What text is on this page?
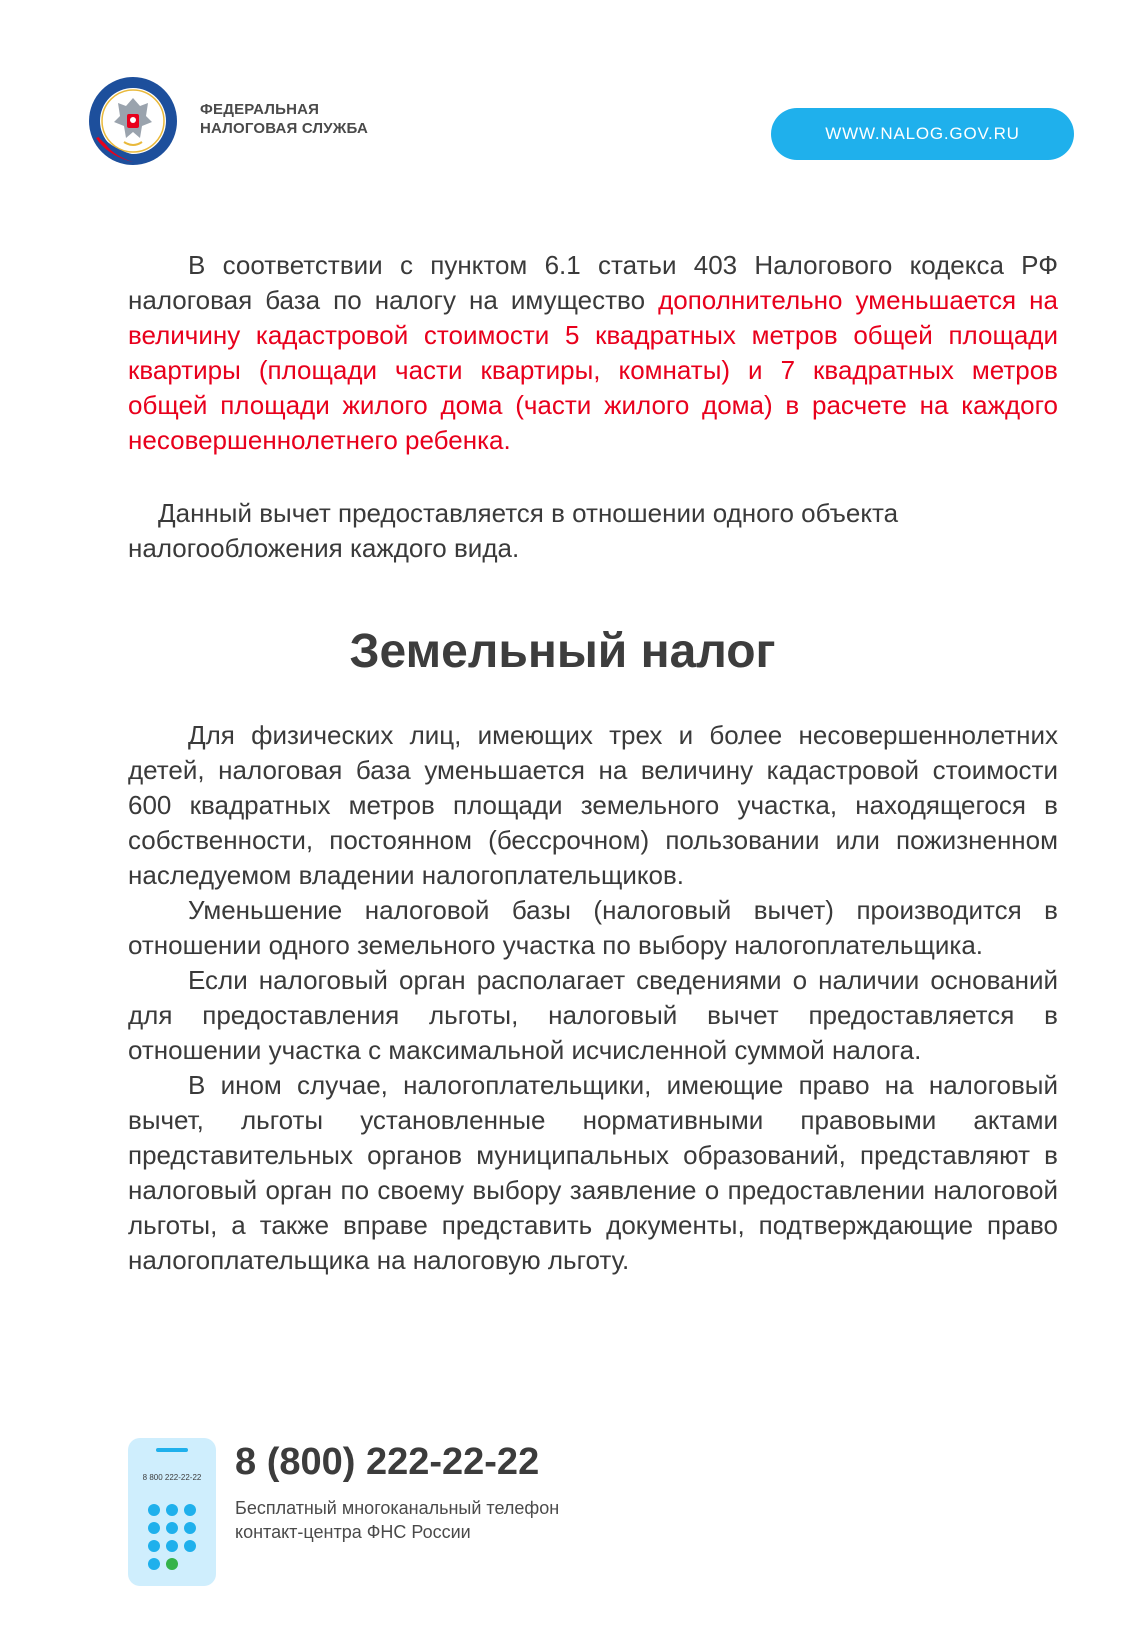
ФЕДЕРАЛЬНАЯ
НАЛОГОВАЯ СЛУЖБА	WWW.NALOG.GOV.RU

В соответствии с пунктом 6.1 статьи 403 Налогового кодекса РФ налоговая база по налогу на имущество дополнительно уменьшается на величину кадастровой стоимости 5 квадратных метров общей площади квартиры (площади части квартиры, комнаты) и 7 квадратных метров общей площади жилого дома (части жилого дома) в расчете на каждого несовершеннолетнего ребенка.

Данный вычет предоставляется в отношении одного объекта налогообложения каждого вида.

Земельный налог

Для физических лиц, имеющих трех и более несовершеннолетних детей, налоговая база уменьшается на величину кадастровой стоимости 600 квадратных метров площади земельного участка, находящегося в собственности, постоянном (бессрочном) пользовании или пожизненном наследуемом владении налогоплательщиков.

Уменьшение налоговой базы (налоговый вычет) производится в отношении одного земельного участка по выбору налогоплательщика.

Если налоговый орган располагает сведениями о наличии оснований для предоставления льготы, налоговый вычет предоставляется в отношении участка с максимальной исчисленной суммой налога.

В ином случае, налогоплательщики, имеющие право на налоговый вычет, льготы установленные нормативными правовыми актами представительных органов муниципальных образований, представляют в налоговый орган по своему выбору заявление о предоставлении налоговой льготы, а также вправе представить документы, подтверждающие право налогоплательщика на налоговую льготу.

8 800 222-22-22 8 (800) 222-22-22
Бесплатный многоканальный телефон
контакт-центра ФНС России
